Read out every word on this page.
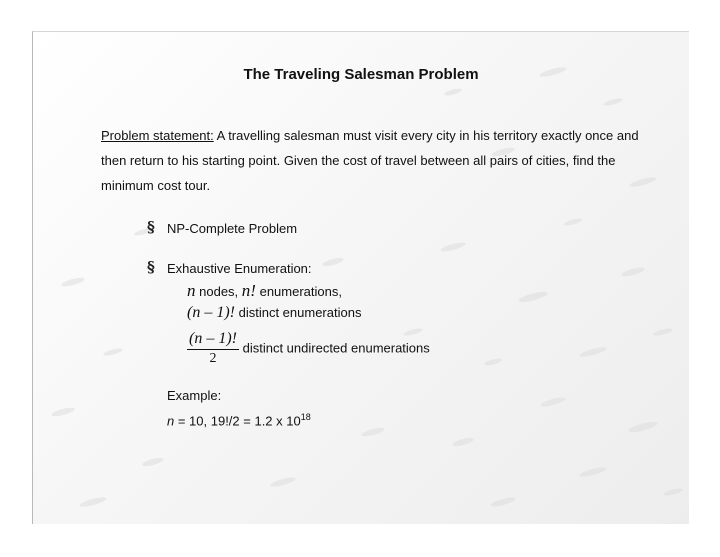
The Traveling Salesman Problem
Problem statement: A travelling salesman must visit every city in his territory exactly once and then return to his starting point. Given the cost of travel between all pairs of cities, find the minimum cost tour.
§ NP-Complete Problem
§ Exhaustive Enumeration:
n nodes, n! enumerations,
(n – 1)! distinct enumerations
$\frac{(n - 1)!}{2}$ distinct undirected enumerations
Example:
n = 10, 19!/2 = 1.2 x $10^{18}$
